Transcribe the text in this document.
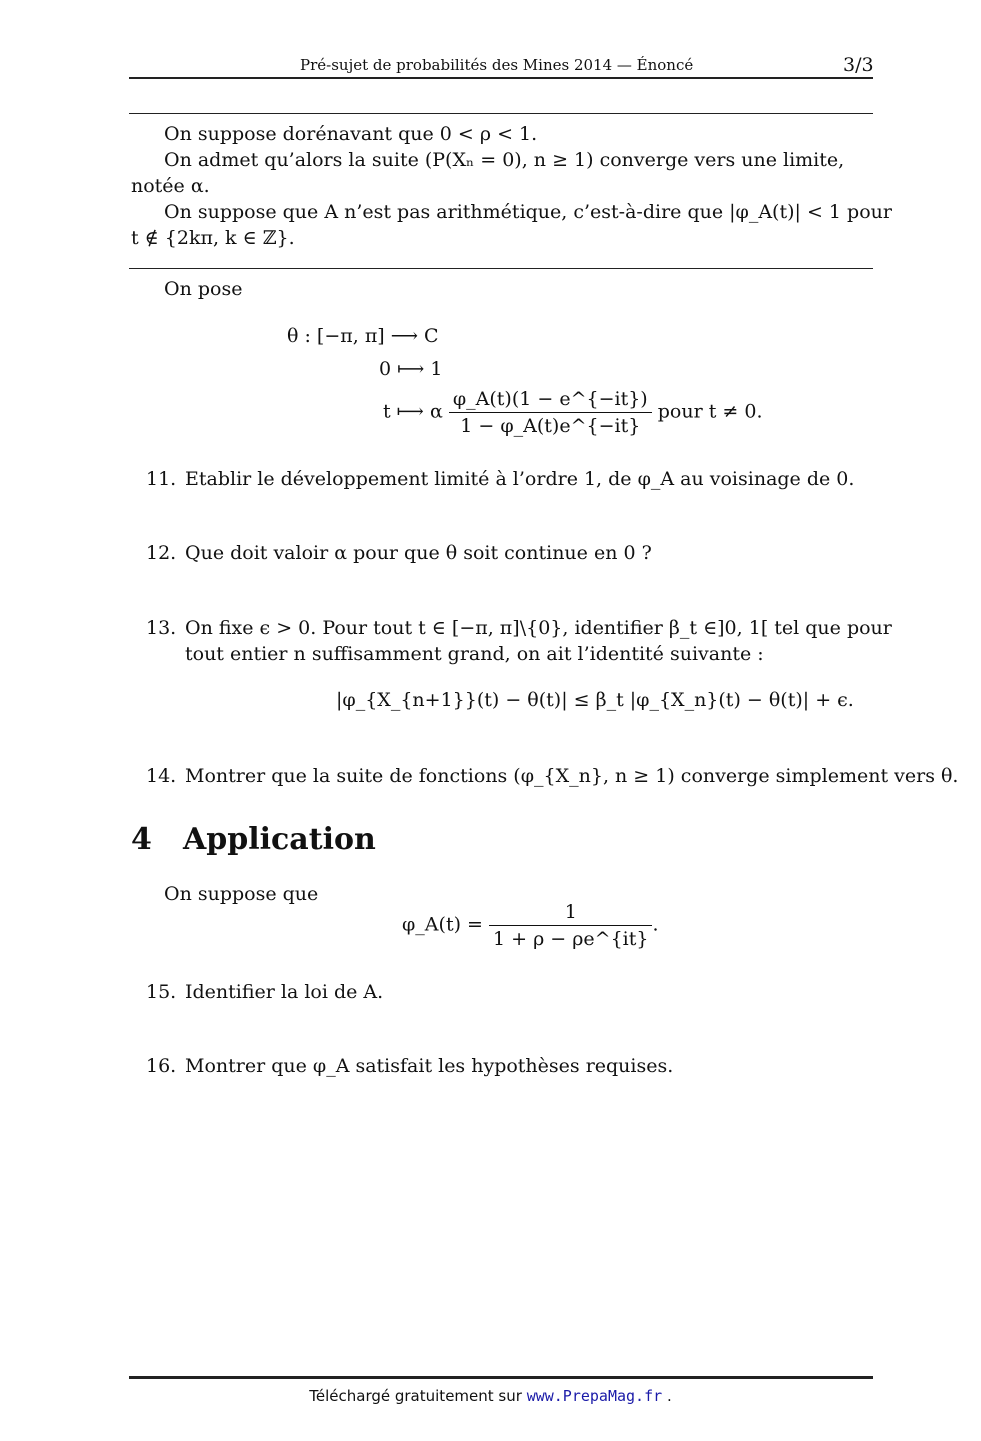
Pré-sujet de probabilités des Mines 2014 — Énoncé	3/3
On suppose dorénavant que 0 < ρ < 1.
On admet qu’alors la suite (P(Xₙ = 0), n ≥ 1) converge vers une limite,
notée α.
On suppose que A n’est pas arithmétique, c’est-à-dire que |φ_A(t)| < 1 pour
t ∉ {2kπ, k ∈ ℤ}.
On pose
θ : [−π, π] ⟶ C
0 ⟼ 1
t ⟼ α $\frac{\varphi\_A(t)(1 - e\^{}\{-it\})}{1 - \varphi\_A(t)e\^{}\{-it\}}$ pour t ≠ 0.
11. Etablir le développement limité à l’ordre 1, de φ_A au voisinage de 0.
12. Que doit valoir α pour que θ soit continue en 0 ?
13. On fixe ϵ > 0. Pour tout t ∈ [−π, π]\{0}, identifier β_t ∈]0, 1[ tel que pour
tout entier n suffisamment grand, on ait l’identité suivante :
|φ_{X_{n+1}}(t) − θ(t)| ≤ β_t |φ_{X_n}(t) − θ(t)| + ϵ.
14. Montrer que la suite de fonctions (φ_{X_n}, n ≥ 1) converge simplement vers θ.
4 Application
On suppose que
φ_A(t) = $\frac{1}{1 + \rho - \rho e\^{}\{it\}}$ .
15. Identifier la loi de A.
16. Montrer que φ_A satisfait les hypothèses requises.
Téléchargé gratuitement sur www.PrepaMag.fr .
